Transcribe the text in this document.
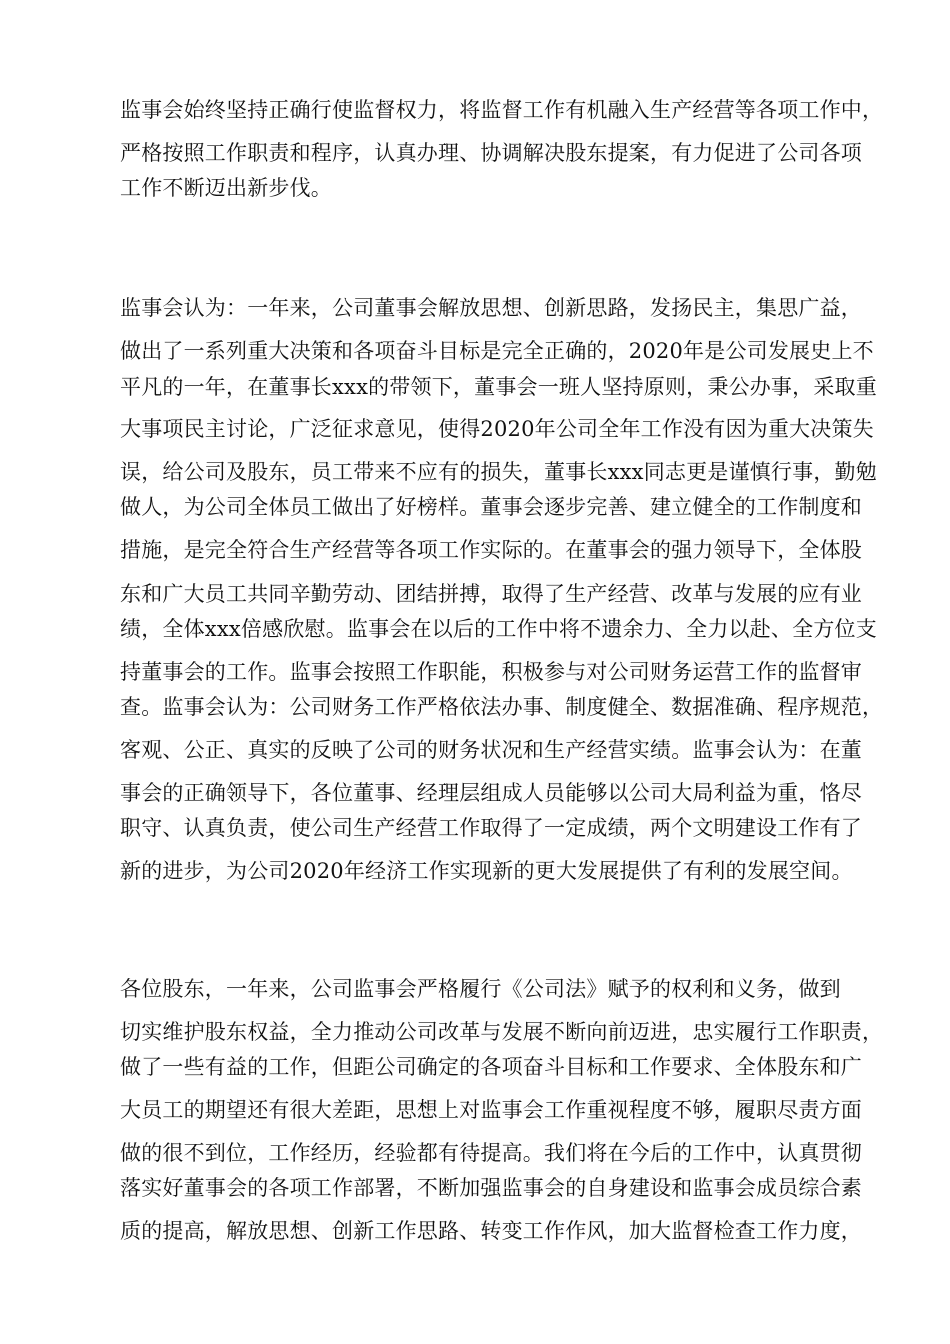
监事会始终坚持正确行使监督权力，将监督工作有机融入生产经营等各项工作中，
严格按照工作职责和程序，认真办理、协调解决股东提案，有力促进了公司各项
工作不断迈出新步伐。
监事会认为：一年来，公司董事会解放思想、创新思路，发扬民主，集思广益，
做出了一系列重大决策和各项奋斗目标是完全正确的，2020年是公司发展史上不
平凡的一年，在董事长xxx的带领下，董事会一班人坚持原则，秉公办事，采取重
大事项民主讨论，广泛征求意见，使得2020年公司全年工作没有因为重大决策失
误，给公司及股东，员工带来不应有的损失，董事长xxx同志更是谨慎行事，勤勉
做人，为公司全体员工做出了好榜样。董事会逐步完善、建立健全的工作制度和
措施，是完全符合生产经营等各项工作实际的。在董事会的强力领导下，全体股
东和广大员工共同辛勤劳动、团结拼搏，取得了生产经营、改革与发展的应有业
绩，全体xxx倍感欣慰。监事会在以后的工作中将不遗余力、全力以赴、全方位支
持董事会的工作。监事会按照工作职能，积极参与对公司财务运营工作的监督审
查。监事会认为：公司财务工作严格依法办事、制度健全、数据准确、程序规范，
客观、公正、真实的反映了公司的财务状况和生产经营实绩。监事会认为：在董
事会的正确领导下，各位董事、经理层组成人员能够以公司大局利益为重，恪尽
职守、认真负责，使公司生产经营工作取得了一定成绩，两个文明建设工作有了
新的进步，为公司2020年经济工作实现新的更大发展提供了有利的发展空间。
各位股东，一年来，公司监事会严格履行《公司法》赋予的权利和义务，做到
切实维护股东权益，全力推动公司改革与发展不断向前迈进，忠实履行工作职责，
做了一些有益的工作，但距公司确定的各项奋斗目标和工作要求、全体股东和广
大员工的期望还有很大差距，思想上对监事会工作重视程度不够，履职尽责方面
做的很不到位，工作经历，经验都有待提高。我们将在今后的工作中，认真贯彻
落实好董事会的各项工作部署，不断加强监事会的自身建设和监事会成员综合素
质的提高，解放思想、创新工作思路、转变工作作风，加大监督检查工作力度，
